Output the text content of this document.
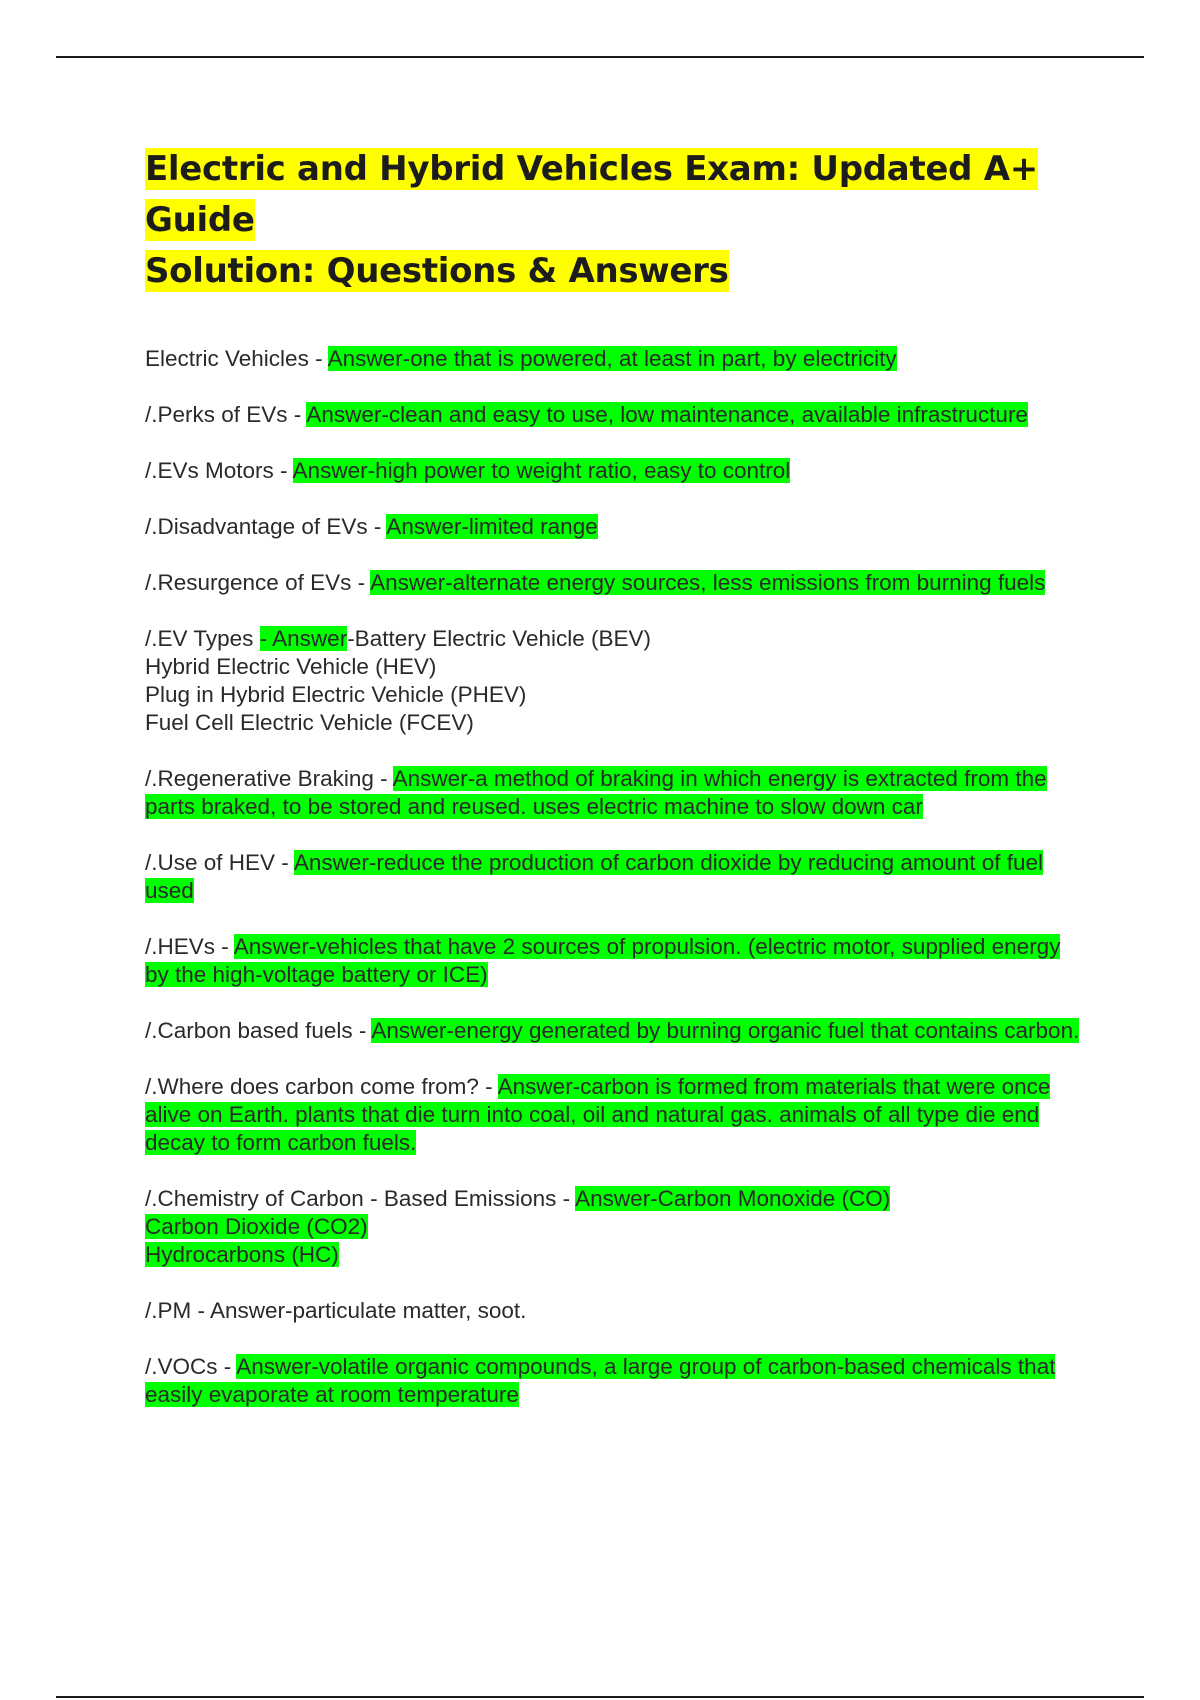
Electric and Hybrid Vehicles Exam: Updated A+ Guide
Solution: Questions & Answers

Electric Vehicles - Answer-one that is powered, at least in part, by electricity

/.Perks of EVs - Answer-clean and easy to use, low maintenance, available infrastructure

/.EVs Motors - Answer-high power to weight ratio, easy to control

/.Disadvantage of EVs - Answer-limited range

/.Resurgence of EVs - Answer-alternate energy sources, less emissions from burning fuels

/.EV Types - Answer-Battery Electric Vehicle (BEV)
Hybrid Electric Vehicle (HEV)
Plug in Hybrid Electric Vehicle (PHEV)
Fuel Cell Electric Vehicle (FCEV)

/.Regenerative Braking - Answer-a method of braking in which energy is extracted from the parts braked, to be stored and reused. uses electric machine to slow down car

/.Use of HEV - Answer-reduce the production of carbon dioxide by reducing amount of fuel used

/.HEVs - Answer-vehicles that have 2 sources of propulsion. (electric motor, supplied energy by the high-voltage battery or ICE)

/.Carbon based fuels - Answer-energy generated by burning organic fuel that contains carbon.

/.Where does carbon come from? - Answer-carbon is formed from materials that were once alive on Earth. plants that die turn into coal, oil and natural gas. animals of all type die end decay to form carbon fuels.

/.Chemistry of Carbon - Based Emissions - Answer-Carbon Monoxide (CO)
Carbon Dioxide (CO2)
Hydrocarbons (HC)

/.PM - Answer-particulate matter, soot.

/.VOCs - Answer-volatile organic compounds, a large group of carbon-based chemicals that easily evaporate at room temperature
